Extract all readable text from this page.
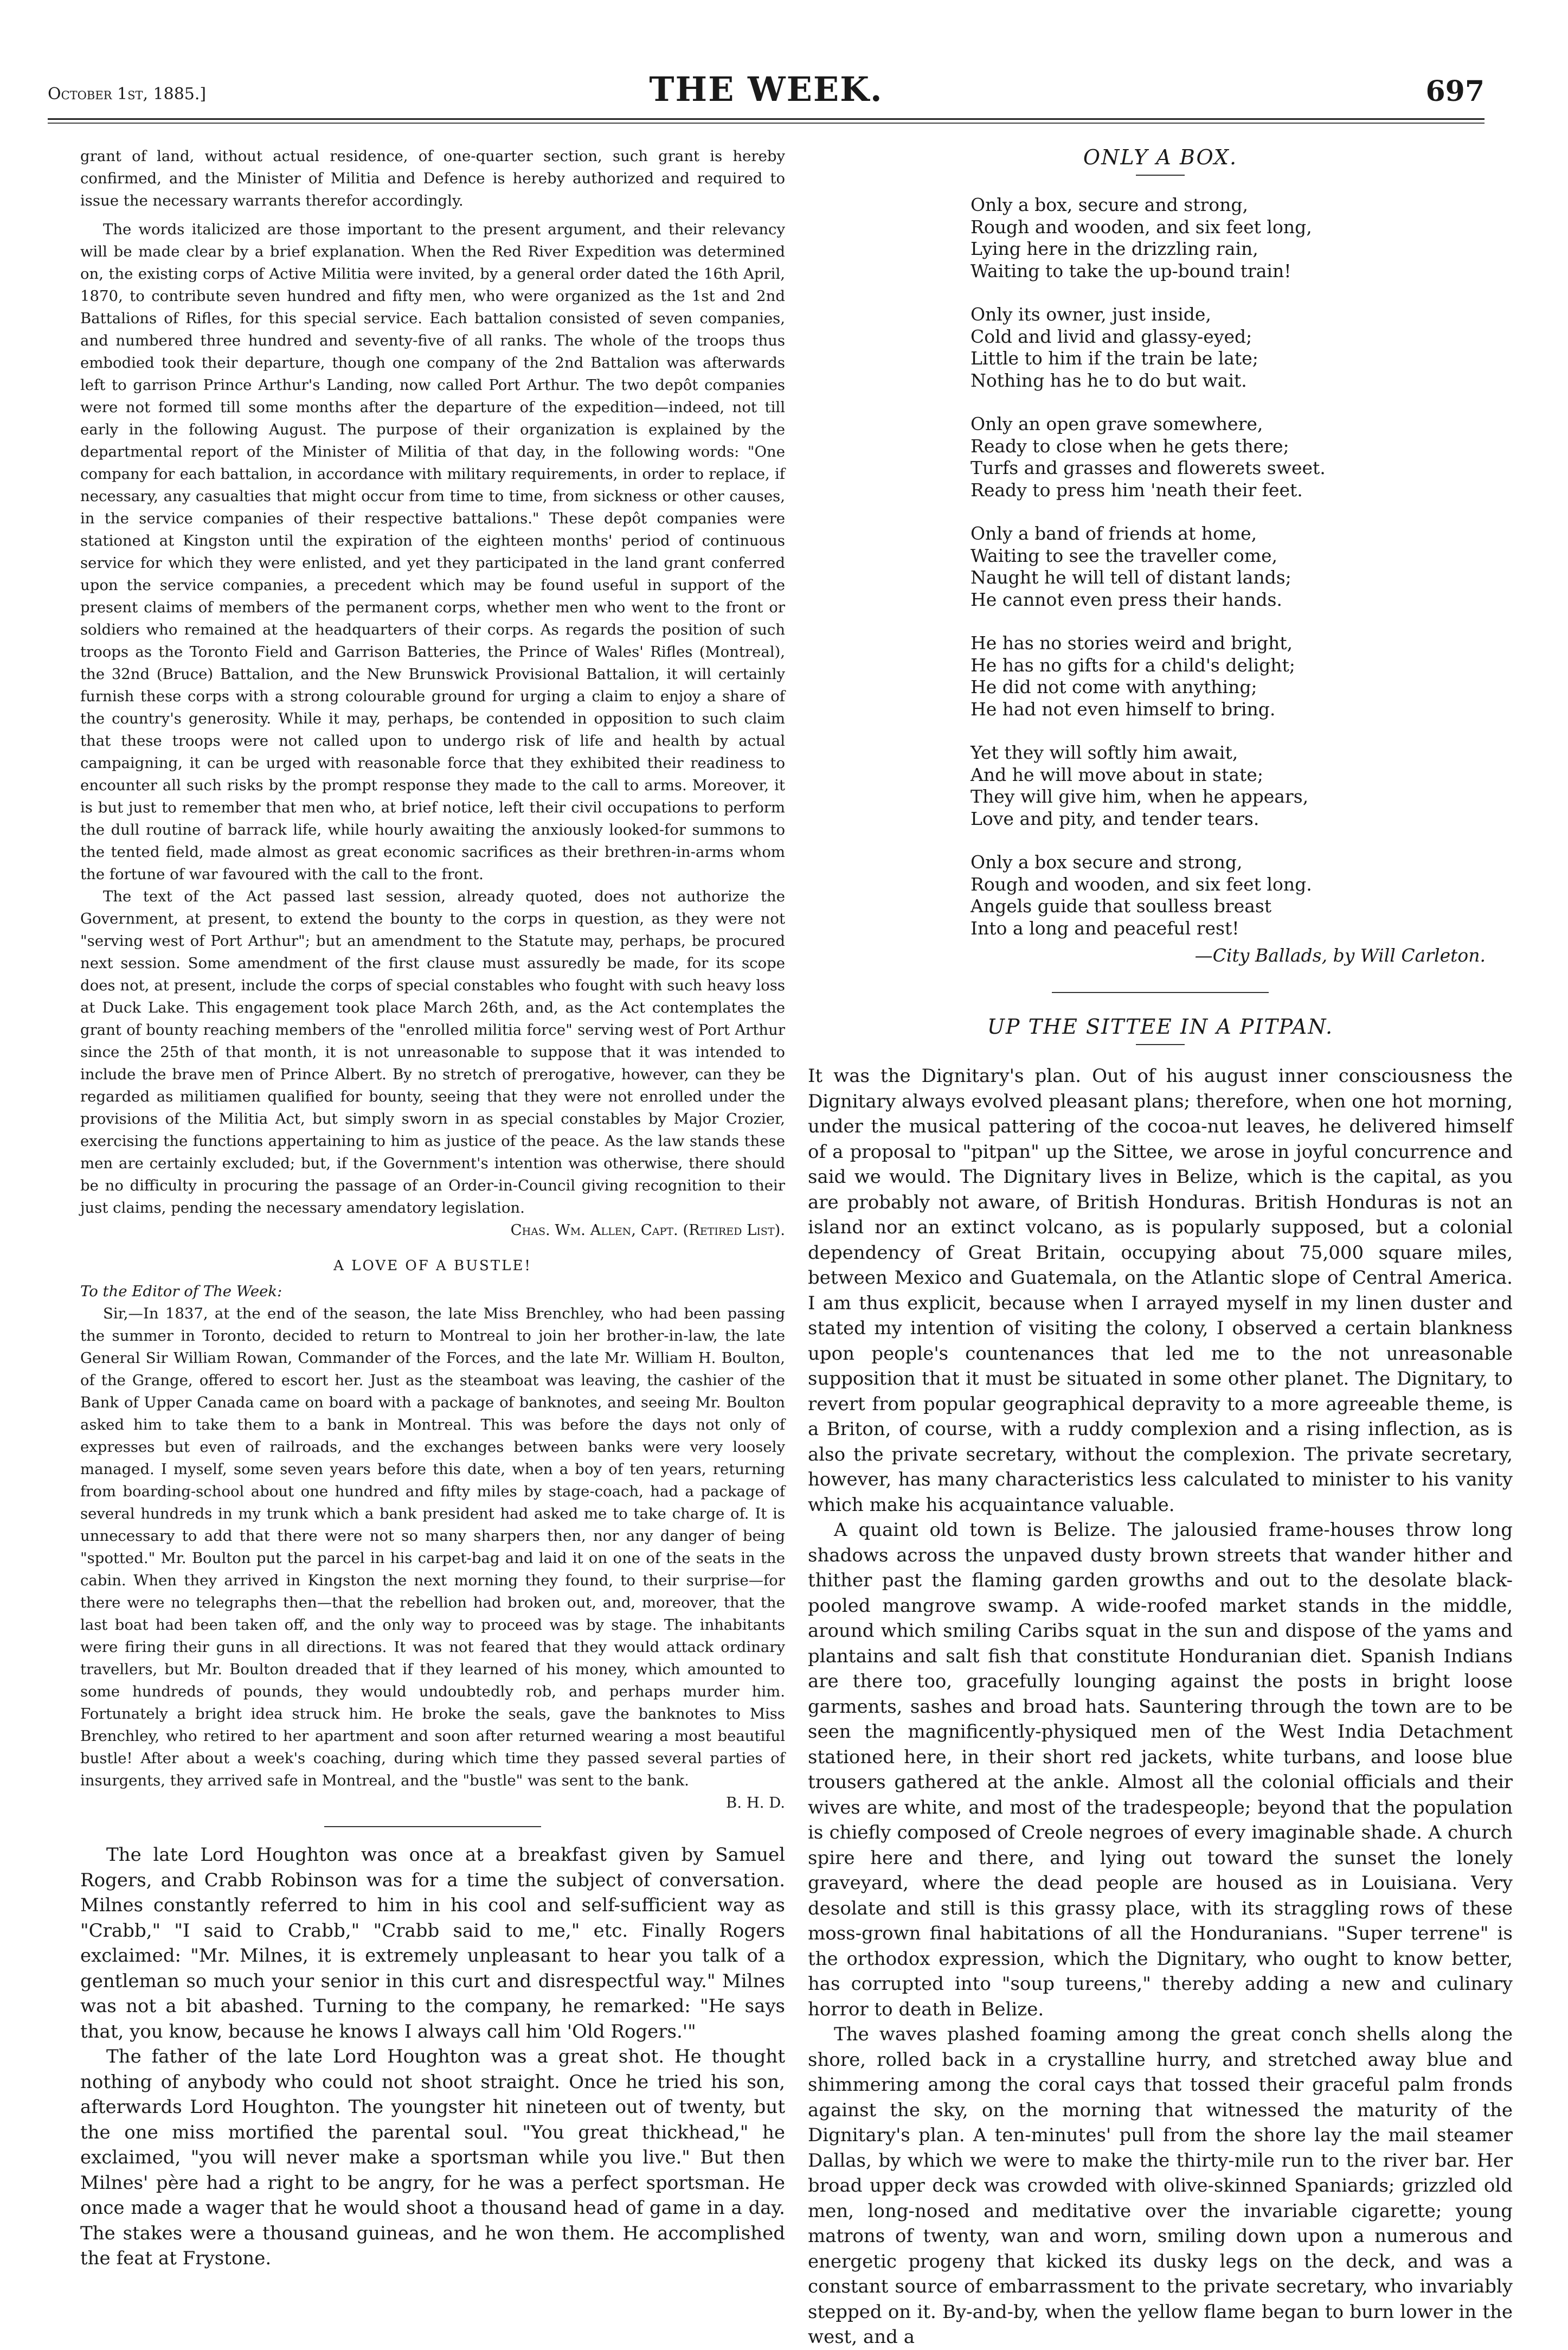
October 1st, 1885.]	THE WEEK.	697

grant of land, without actual residence, of one-quarter section, such grant is hereby confirmed, and the Minister of Militia and Defence is hereby authorized and required to issue the necessary warrants therefor accordingly.

The words italicized are those important to the present argument, and their relevancy will be made clear by a brief explanation. When the Red River Expedition was determined on, the existing corps of Active Militia were invited, by a general order dated the 16th April, 1870, to contribute seven hundred and fifty men, who were organized as the 1st and 2nd Battalions of Rifles, for this special service. Each battalion consisted of seven companies, and numbered three hundred and seventy-five of all ranks. The whole of the troops thus embodied took their departure, though one company of the 2nd Battalion was afterwards left to garrison Prince Arthur's Landing, now called Port Arthur. The two depôt companies were not formed till some months after the departure of the expedition—indeed, not till early in the following August. The purpose of their organization is explained by the departmental report of the Minister of Militia of that day, in the following words: "One company for each battalion, in accordance with military requirements, in order to replace, if necessary, any casualties that might occur from time to time, from sickness or other causes, in the service companies of their respective battalions." These depôt companies were stationed at Kingston until the expiration of the eighteen months' period of continuous service for which they were enlisted, and yet they participated in the land grant conferred upon the service companies, a precedent which may be found useful in support of the present claims of members of the permanent corps, whether men who went to the front or soldiers who remained at the headquarters of their corps. As regards the position of such troops as the Toronto Field and Garrison Batteries, the Prince of Wales' Rifles (Montreal), the 32nd (Bruce) Battalion, and the New Brunswick Provisional Battalion, it will certainly furnish these corps with a strong colourable ground for urging a claim to enjoy a share of the country's generosity. While it may, perhaps, be contended in opposition to such claim that these troops were not called upon to undergo risk of life and health by actual campaigning, it can be urged with reasonable force that they exhibited their readiness to encounter all such risks by the prompt response they made to the call to arms. Moreover, it is but just to remember that men who, at brief notice, left their civil occupations to perform the dull routine of barrack life, while hourly awaiting the anxiously looked-for summons to the tented field, made almost as great economic sacrifices as their brethren-in-arms whom the fortune of war favoured with the call to the front.

The text of the Act passed last session, already quoted, does not authorize the Government, at present, to extend the bounty to the corps in question, as they were not "serving west of Port Arthur"; but an amendment to the Statute may, perhaps, be procured next session. Some amendment of the first clause must assuredly be made, for its scope does not, at present, include the corps of special constables who fought with such heavy loss at Duck Lake. This engagement took place March 26th, and, as the Act contemplates the grant of bounty reaching members of the "enrolled militia force" serving west of Port Arthur since the 25th of that month, it is not unreasonable to suppose that it was intended to include the brave men of Prince Albert. By no stretch of prerogative, however, can they be regarded as militiamen qualified for bounty, seeing that they were not enrolled under the provisions of the Militia Act, but simply sworn in as special constables by Major Crozier, exercising the functions appertaining to him as justice of the peace. As the law stands these men are certainly excluded; but, if the Government's intention was otherwise, there should be no difficulty in procuring the passage of an Order-in-Council giving recognition to their just claims, pending the necessary amendatory legislation.

Chas. Wm. Allen, Capt. (Retired List).
A LOVE OF A BUSTLE!

To the Editor of The Week:

Sir,—In 1837, at the end of the season, the late Miss Brenchley, who had been passing the summer in Toronto, decided to return to Montreal to join her brother-in-law, the late General Sir William Rowan, Commander of the Forces, and the late Mr. William H. Boulton, of the Grange, offered to escort her. Just as the steamboat was leaving, the cashier of the Bank of Upper Canada came on board with a package of banknotes, and seeing Mr. Boulton asked him to take them to a bank in Montreal. This was before the days not only of expresses but even of railroads, and the exchanges between banks were very loosely managed. I myself, some seven years before this date, when a boy of ten years, returning from boarding-school about one hundred and fifty miles by stage-coach, had a package of several hundreds in my trunk which a bank president had asked me to take charge of. It is unnecessary to add that there were not so many sharpers then, nor any danger of being "spotted." Mr. Boulton put the parcel in his carpet-bag and laid it on one of the seats in the cabin. When they arrived in Kingston the next morning they found, to their surprise—for there were no telegraphs then—that the rebellion had broken out, and, moreover, that the last boat had been taken off, and the only way to proceed was by stage. The inhabitants were firing their guns in all directions. It was not feared that they would attack ordinary travellers, but Mr. Boulton dreaded that if they learned of his money, which amounted to some hundreds of pounds, they would undoubtedly rob, and perhaps murder him. Fortunately a bright idea struck him. He broke the seals, gave the banknotes to Miss Brenchley, who retired to her apartment and soon after returned wearing a most beautiful bustle! After about a week's coaching, during which time they passed several parties of insurgents, they arrived safe in Montreal, and the "bustle" was sent to the bank.

B. H. D.

The late Lord Houghton was once at a breakfast given by Samuel Rogers, and Crabb Robinson was for a time the subject of conversation. Milnes constantly referred to him in his cool and self-sufficient way as "Crabb," "I said to Crabb," "Crabb said to me," etc. Finally Rogers exclaimed: "Mr. Milnes, it is extremely unpleasant to hear you talk of a gentleman so much your senior in this curt and disrespectful way." Milnes was not a bit abashed. Turning to the company, he remarked: "He says that, you know, because he knows I always call him 'Old Rogers.'"

The father of the late Lord Houghton was a great shot. He thought nothing of anybody who could not shoot straight. Once he tried his son, afterwards Lord Houghton. The youngster hit nineteen out of twenty, but the one miss mortified the parental soul. "You great thickhead," he exclaimed, "you will never make a sportsman while you live." But then Milnes' père had a right to be angry, for he was a perfect sportsman. He once made a wager that he would shoot a thousand head of game in a day. The stakes were a thousand guineas, and he won them. He accomplished the feat at Frystone.

ONLY A BOX.
Only a box, secure and strong,
Rough and wooden, and six feet long,
Lying here in the drizzling rain,
Waiting to take the up-bound train!
Only its owner, just inside,
Cold and livid and glassy-eyed;
Little to him if the train be late;
Nothing has he to do but wait.
Only an open grave somewhere,
Ready to close when he gets there;
Turfs and grasses and flowerets sweet.
Ready to press him 'neath their feet.
Only a band of friends at home,
Waiting to see the traveller come,
Naught he will tell of distant lands;
He cannot even press their hands.
He has no stories weird and bright,
He has no gifts for a child's delight;
He did not come with anything;
He had not even himself to bring.
Yet they will softly him await,
And he will move about in state;
They will give him, when he appears,
Love and pity, and tender tears.
Only a box secure and strong,
Rough and wooden, and six feet long.
Angels guide that soulless breast
Into a long and peaceful rest!
—City Ballads, by Will Carleton.
UP THE SITTEE IN A PITPAN.

It was the Dignitary's plan. Out of his august inner consciousness the Dignitary always evolved pleasant plans; therefore, when one hot morning, under the musical pattering of the cocoa-nut leaves, he delivered himself of a proposal to "pitpan" up the Sittee, we arose in joyful concurrence and said we would. The Dignitary lives in Belize, which is the capital, as you are probably not aware, of British Honduras. British Honduras is not an island nor an extinct volcano, as is popularly supposed, but a colonial dependency of Great Britain, occupying about 75,000 square miles, between Mexico and Guatemala, on the Atlantic slope of Central America. I am thus explicit, because when I arrayed myself in my linen duster and stated my intention of visiting the colony, I observed a certain blankness upon people's countenances that led me to the not unreasonable supposition that it must be situated in some other planet. The Dignitary, to revert from popular geographical depravity to a more agreeable theme, is a Briton, of course, with a ruddy complexion and a rising inflection, as is also the private secretary, without the complexion. The private secretary, however, has many characteristics less calculated to minister to his vanity which make his acquaintance valuable.

A quaint old town is Belize. The jalousied frame-houses throw long shadows across the unpaved dusty brown streets that wander hither and thither past the flaming garden growths and out to the desolate black-pooled mangrove swamp. A wide-roofed market stands in the middle, around which smiling Caribs squat in the sun and dispose of the yams and plantains and salt fish that constitute Honduranian diet. Spanish Indians are there too, gracefully lounging against the posts in bright loose garments, sashes and broad hats. Sauntering through the town are to be seen the magnificently-physiqued men of the West India Detachment stationed here, in their short red jackets, white turbans, and loose blue trousers gathered at the ankle. Almost all the colonial officials and their wives are white, and most of the tradespeople; beyond that the population is chiefly composed of Creole negroes of every imaginable shade. A church spire here and there, and lying out toward the sunset the lonely graveyard, where the dead people are housed as in Louisiana. Very desolate and still is this grassy place, with its straggling rows of these moss-grown final habitations of all the Honduranians. "Super terrene" is the orthodox expression, which the Dignitary, who ought to know better, has corrupted into "soup tureens," thereby adding a new and culinary horror to death in Belize.

The waves plashed foaming among the great conch shells along the shore, rolled back in a crystalline hurry, and stretched away blue and shimmering among the coral cays that tossed their graceful palm fronds against the sky, on the morning that witnessed the maturity of the Dignitary's plan. A ten-minutes' pull from the shore lay the mail steamer Dallas, by which we were to make the thirty-mile run to the river bar. Her broad upper deck was crowded with olive-skinned Spaniards; grizzled old men, long-nosed and meditative over the invariable cigarette; young matrons of twenty, wan and worn, smiling down upon a numerous and energetic progeny that kicked its dusky legs on the deck, and was a constant source of embarrassment to the private secretary, who invariably stepped on it. By-and-by, when the yellow flame began to burn lower in the west, and a
